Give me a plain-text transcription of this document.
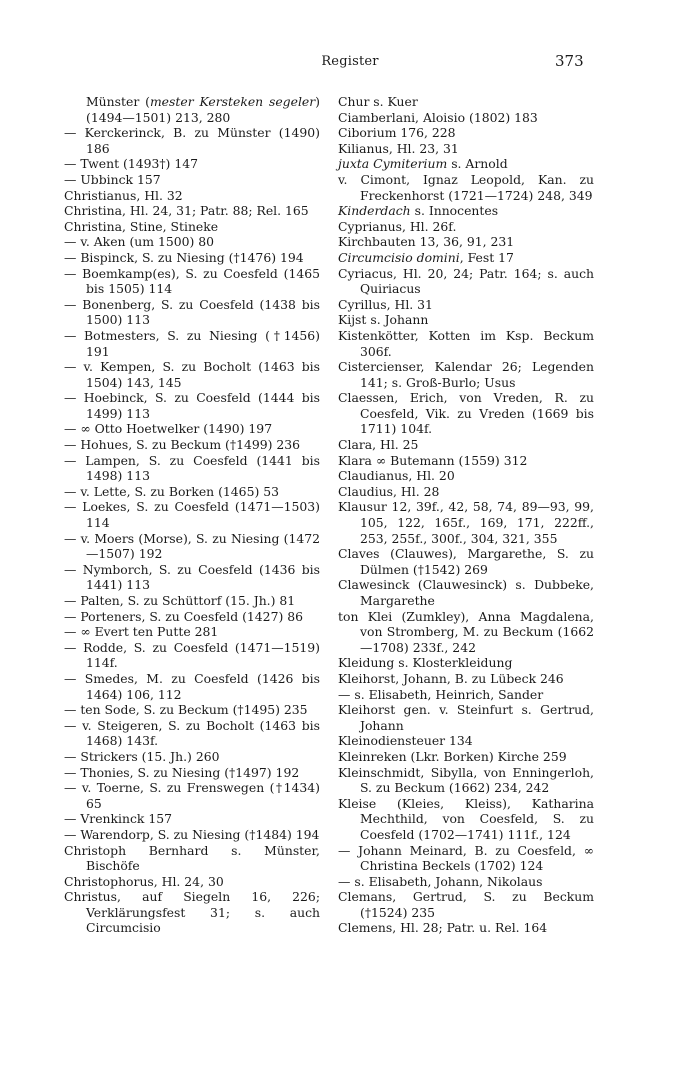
Register	373
Münster (mester Kersteken segeler) (1494—1501) 213, 280
— Kerckerinck, B. zu Münster (1490) 186
— Twent (1493†) 147
— Ubbinck 157
Christianus, Hl. 32
Christina, Hl. 24, 31; Patr. 88; Rel. 165
Christina, Stine, Stineke
— v. Aken (um 1500) 80
— Bispinck, S. zu Niesing (†1476) 194
— Boemkamp(es), S. zu Coesfeld (1465 bis 1505) 114
— Bonenberg, S. zu Coesfeld (1438 bis 1500) 113
— Botmesters, S. zu Niesing (†1456) 191
— v. Kempen, S. zu Bocholt (1463 bis 1504) 143, 145
— Hoebinck, S. zu Coesfeld (1444 bis 1499) 113
— ∞ Otto Hoetwelker (1490) 197
— Hohues, S. zu Beckum (†1499) 236
— Lampen, S. zu Coesfeld (1441 bis 1498) 113
— v. Lette, S. zu Borken (1465) 53
— Loekes, S. zu Coesfeld (1471—1503) 114
— v. Moers (Morse), S. zu Niesing (1472—1507) 192
— Nymborch, S. zu Coesfeld (1436 bis 1441) 113
— Palten, S. zu Schüttorf (15. Jh.) 81
— Porteners, S. zu Coesfeld (1427) 86
— ∞ Evert ten Putte 281
— Rodde, S. zu Coesfeld (1471—1519) 114f.
— Smedes, M. zu Coesfeld (1426 bis 1464) 106, 112
— ten Sode, S. zu Beckum (†1495) 235
— v. Steigeren, S. zu Bocholt (1463 bis 1468) 143f.
— Strickers (15. Jh.) 260
— Thonies, S. zu Niesing (†1497) 192
— v. Toerne, S. zu Frenswegen (†1434) 65
— Vrenkinck 157
— Warendorp, S. zu Niesing (†1484) 194
Christoph Bernhard s. Münster, Bischöfe
Christophorus, Hl. 24, 30
Christus, auf Siegeln 16, 226; Verklärungsfest 31; s. auch Circumcisio
Chur s. Kuer
Ciamberlani, Aloisio (1802) 183
Ciborium 176, 228
Kilianus, Hl. 23, 31
juxta Cymiterium s. Arnold
v. Cimont, Ignaz Leopold, Kan. zu Freckenhorst (1721—1724) 248, 349
Kinderdach s. Innocentes
Cyprianus, Hl. 26f.
Kirchbauten 13, 36, 91, 231
Circumcisio domini, Fest 17
Cyriacus, Hl. 20, 24; Patr. 164; s. auch Quiriacus
Cyrillus, Hl. 31
Kijst s. Johann
Kistenkötter, Kotten im Ksp. Beckum 306f.
Cistercienser, Kalendar 26; Legenden 141; s. Groß-Burlo; Usus
Claessen, Erich, von Vreden, R. zu Coesfeld, Vik. zu Vreden (1669 bis 1711) 104f.
Clara, Hl. 25
Klara ∞ Butemann (1559) 312
Claudianus, Hl. 20
Claudius, Hl. 28
Klausur 12, 39f., 42, 58, 74, 89—93, 99, 105, 122, 165f., 169, 171, 222ff., 253, 255f., 300f., 304, 321, 355
Claves (Clauwes), Margarethe, S. zu Dülmen (†1542) 269
Clawesinck (Clauwesinck) s. Dubbeke, Margarethe
ton Klei (Zumkley), Anna Magdalena, von Stromberg, M. zu Beckum (1662—1708) 233f., 242
Kleidung s. Klosterkleidung
Kleihorst, Johann, B. zu Lübeck 246
— s. Elisabeth, Heinrich, Sander
Kleihorst gen. v. Steinfurt s. Gertrud, Johann
Kleinodiensteuer 134
Kleinreken (Lkr. Borken) Kirche 259
Kleinschmidt, Sibylla, von Enningerloh, S. zu Beckum (1662) 234, 242
Kleise (Kleies, Kleiss), Katharina Mechthild, von Coesfeld, S. zu Coesfeld (1702—1741) 111f., 124
— Johann Meinard, B. zu Coesfeld, ∞ Christina Beckels (1702) 124
— s. Elisabeth, Johann, Nikolaus
Clemans, Gertrud, S. zu Beckum (†1524) 235
Clemens, Hl. 28; Patr. u. Rel. 164
